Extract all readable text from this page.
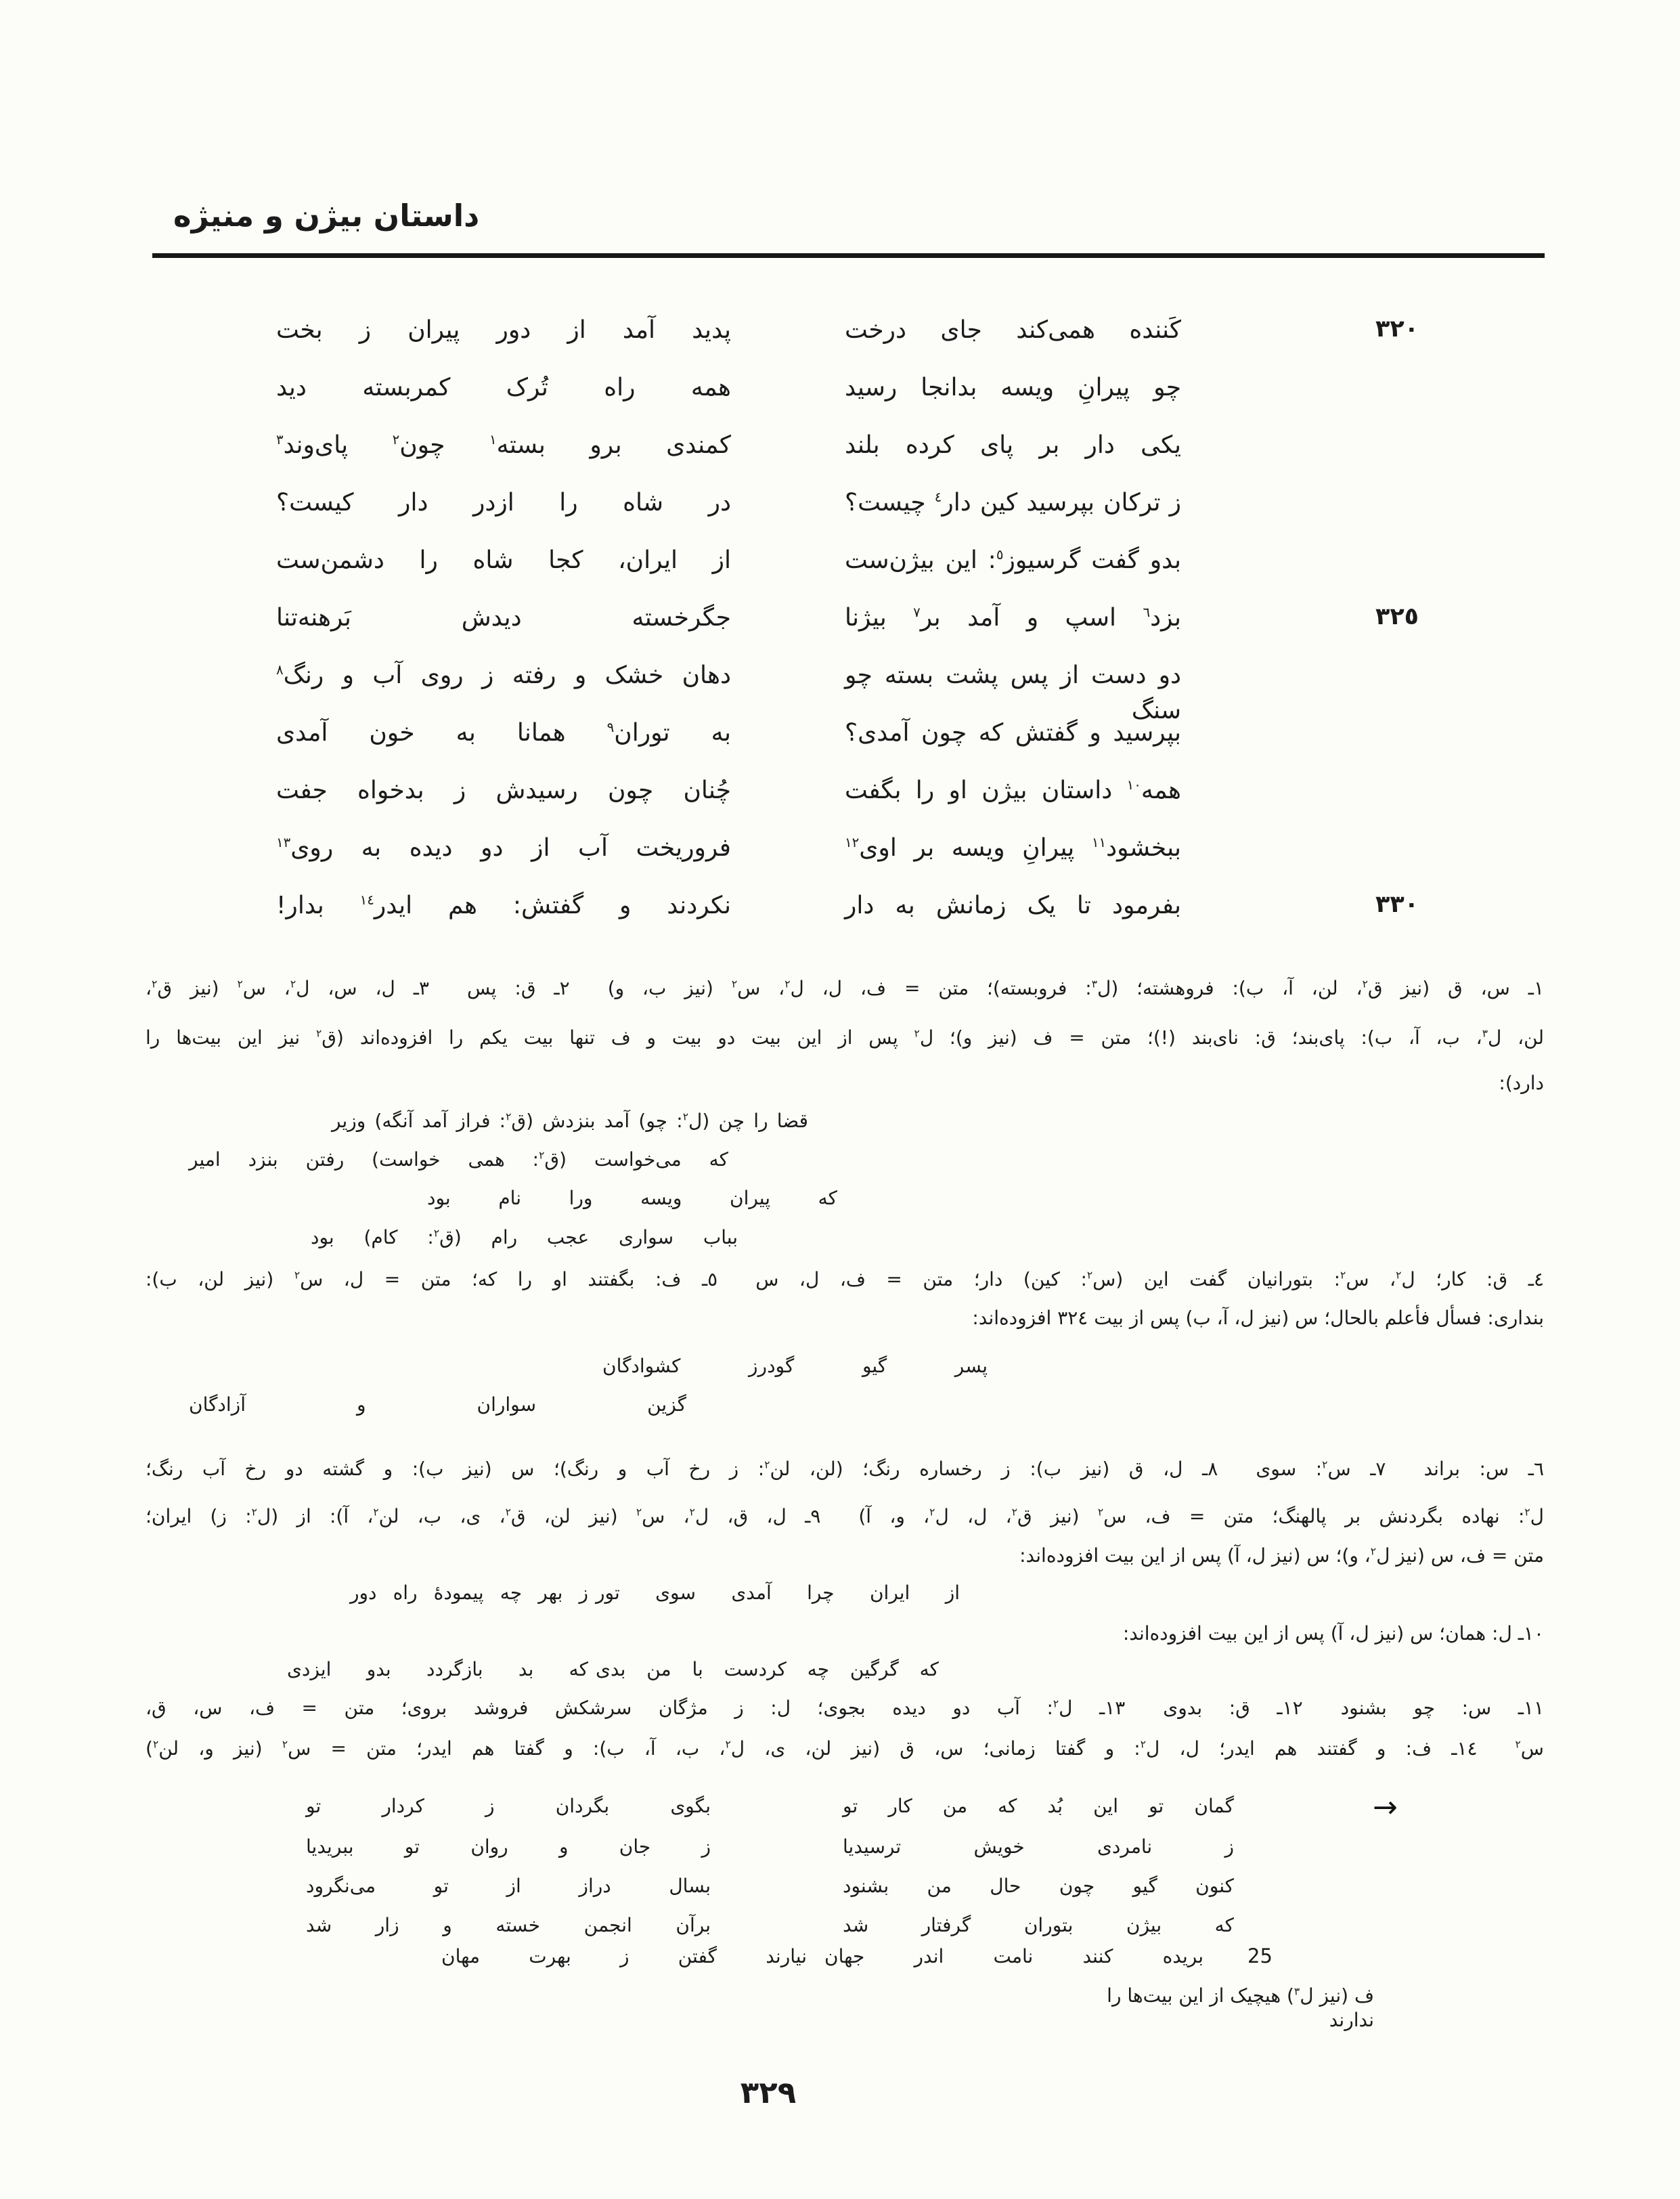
داستان بیژن و منیژه
٣٢٠
کَننده همی‌کند جای درخت
پدید آمد از دور پیران ز بخت
چو پیرانِ ویسه بدانجا رسید
همه راه تُرک کمربسته دید
یکی دار بر پای کرده بلند
کمندی برو بسته$^۱$ چون$^۲$ پای‌وند$^۳$
ز ترکان بپرسید کین دار$^٤$ چیست؟
در شاه را ازدر دار کیست؟
بدو گفت گرسیوز$^٥$: این بیژن‌ست
از ایران، کجا شاه را دشمن‌ست
٣٢٥
بزد$^٦$ اسپ و آمد بر$^۷$ بیژنا
جگرخسته دیدش بَرهنه‌تنا
دو دست از پس پشت بسته چو سنگ
دهان خشک و رفته ز روی آب و رنگ$^۸$
بپرسید و گفتش که چون آمدی؟
به توران$^۹$ همانا به خون آمدی
همه$^{۱۰}$ داستان بیژن او را بگفت
چُنان چون رسیدش ز بدخواه جفت
ببخشود$^{۱۱}$ پیرانِ ویسه بر اوی$^{۱۲}$
فروریخت آب از دو دیده به روی$^{۱۳}$
٣٣٠
بفرمود تا یک زمانش به دار
نکردند و گفتش: هم ایدر$^{۱٤}$ بدار!
۱ـ س، ق (نیز ق$^۲$، لن، آ، ب): فروهشته؛ (ل$^۳$: فروبسته)؛ متن = ف، ل، ل$^۲$، س$^۲$ (نیز ب، و)  ۲ـ ق: پس  ۳ـ ل، س، ل$^۲$، س$^۲$ (نیز ق$^۲$،
لن، ل$^۳$، ب، آ، ب): پای‌بند؛ ق: نای‌بند (!)؛ متن = ف (نیز و)؛ ل$^۲$ پس از این بیت دو بیت و ف تنها بیت یکم را افزوده‌اند (ق$^۲$ نیز این بیت‌ها را
دارد):
قضا را چن (ل$^۲$: چو) آمد بنزدش (ق$^۲$: فراز آمد آنگه) وزیر
که می‌خواست (ق$^۲$: همی خواست) رفتن بنزد امیر
که پیران ویسه ورا نام بود
بباب سواری عجب رام (ق$^۲$: کام) بود
٤ـ ق: کار؛ ل$^۲$، س$^۲$: بتورانیان گفت این (س$^۲$: کین) دار؛ متن = ف، ل، س  ٥ـ ف: بگفتند او را که؛ متن = ل، س$^۲$ (نیز لن، ب):
بنداری: فسأل فأعلم بالحال؛ س (نیز ل، آ، ب) پس از بیت ٣٢٤ افزوده‌اند:
پسر گیو گودرز کشوادگان
گزین سواران و آزادگان
٦ـ س: براند  ۷ـ س$^۲$: سوی  ۸ـ ل، ق (نیز ب): ز رخساره رنگ؛ (لن، لن$^۲$: ز رخ آب و رنگ)؛ س (نیز ب): و گشته دو رخ آب رنگ؛
ل$^۲$: نهاده بگردنش بر پالهنگ؛ متن = ف، س$^۲$ (نیز ق$^۲$، ل، ل$^۲$، و، آ)  ۹ـ ل، ق، ل$^۲$، س$^۲$ (نیز لن، ق$^۲$، ی، ب، لن$^۲$، آ): از (ل$^۲$: ز) ایران؛
متن = ف، س (نیز ل$^۲$، و)؛ س (نیز ل، آ) پس از این بیت افزوده‌اند:
از ایران چرا آمدی سوی تور
ز بهر چه پیمودهٔ راه دور
۱۰ـ ل: همان؛ س (نیز ل، آ) پس از این بیت افزوده‌اند:
که گرگین چه کردست با من بدی
که بد بازگردد بدو ایزدی
۱۱ـ س: چو بشنود  ۱۲ـ ق: بدوی  ۱۳ـ ل$^۲$: آب دو دیده بجوی؛ ل: ز مژگان سرشکش فروشد بروی؛ متن = ف، س، ق،
س$^۲$  ۱٤ـ ف: و گفتند هم ایدر؛ ل، ل$^۲$: و گفتا زمانی؛ س، ق (نیز لن، ی، ل$^۲$، ب، آ، ب): و گفتا هم ایدر؛ متن = س$^۲$ (نیز و، لن$^۲$)
→
گمان تو این بُد که من کار تو
بگوی بگردان ز کردار تو
ز نامردی خویش ترسیدیا
ز جان و روان تو ببریدیا
کنون گیو چون حال من بشنود
بسال دراز از تو می‌نگرود
که بیژن بتوران گرفتار شد
برآن انجمن خسته و زار شد
25
بریده کنند نامت اندر جهان
نیارند گفتن ز بهرت مهان
ف (نیز ل$^۳$) هیچیک از این بیت‌ها را ندارند
٣٢٩
